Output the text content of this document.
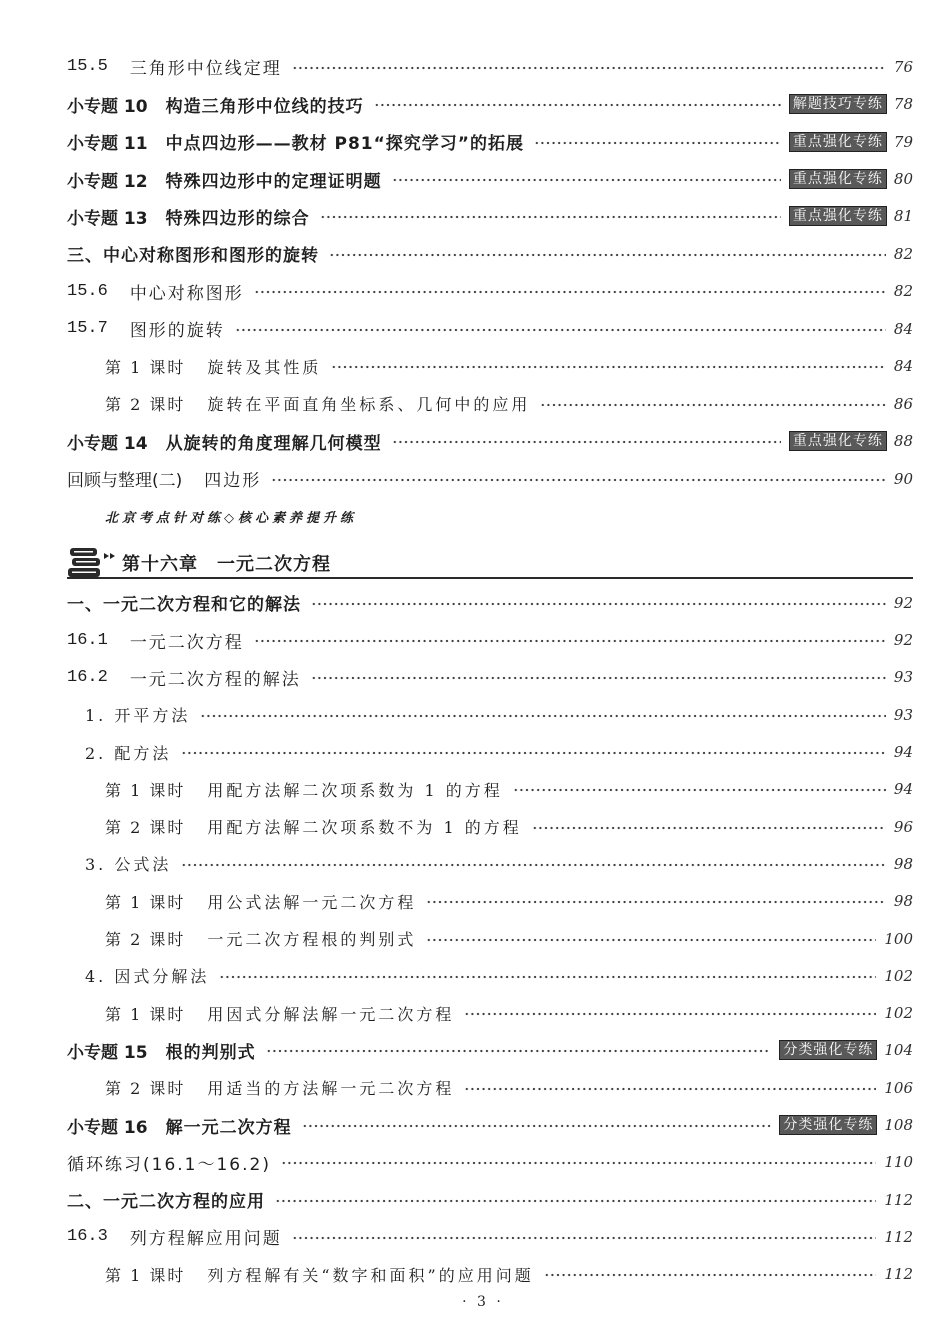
15.5 三角形中位线定理	76
小专题 10 构造三角形中位线的技巧	解题技巧专练 78
小专题 11 中点四边形——教材 P81“探究学习”的拓展	重点强化专练 79
小专题 12 特殊四边形中的定理证明题	重点强化专练 80
小专题 13 特殊四边形的综合	重点强化专练 81
三、中心对称图形和图形的旋转	82
15.6 中心对称图形	82
15.7 图形的旋转	84
第 1 课时 旋转及其性质	84
第 2 课时 旋转在平面直角坐标系、几何中的应用	86
小专题 14 从旋转的角度理解几何模型	重点强化专练 88
回顾与整理(二) 四边形	90
北京考点针对练◇核心素养提升练
第十六章　一元二次方程
一、一元二次方程和它的解法	92
16.1 一元二次方程	92
16.2 一元二次方程的解法	93
1. 开平方法	93
2. 配方法	94
第 1 课时 用配方法解二次项系数为 1 的方程	94
第 2 课时 用配方法解二次项系数不为 1 的方程	96
3. 公式法	98
第 1 课时 用公式法解一元二次方程	98
第 2 课时 一元二次方程根的判别式	100
4. 因式分解法	102
第 1 课时 用因式分解法解一元二次方程	102
小专题 15 根的判别式	分类强化专练 104
第 2 课时 用适当的方法解一元二次方程	106
小专题 16 解一元二次方程	分类强化专练 108
循环练习(16.1～16.2)	110
二、一元二次方程的应用	112
16.3 列方程解应用问题	112
第 1 课时 列方程解有关“数字和面积”的应用问题	112
· 3 ·
